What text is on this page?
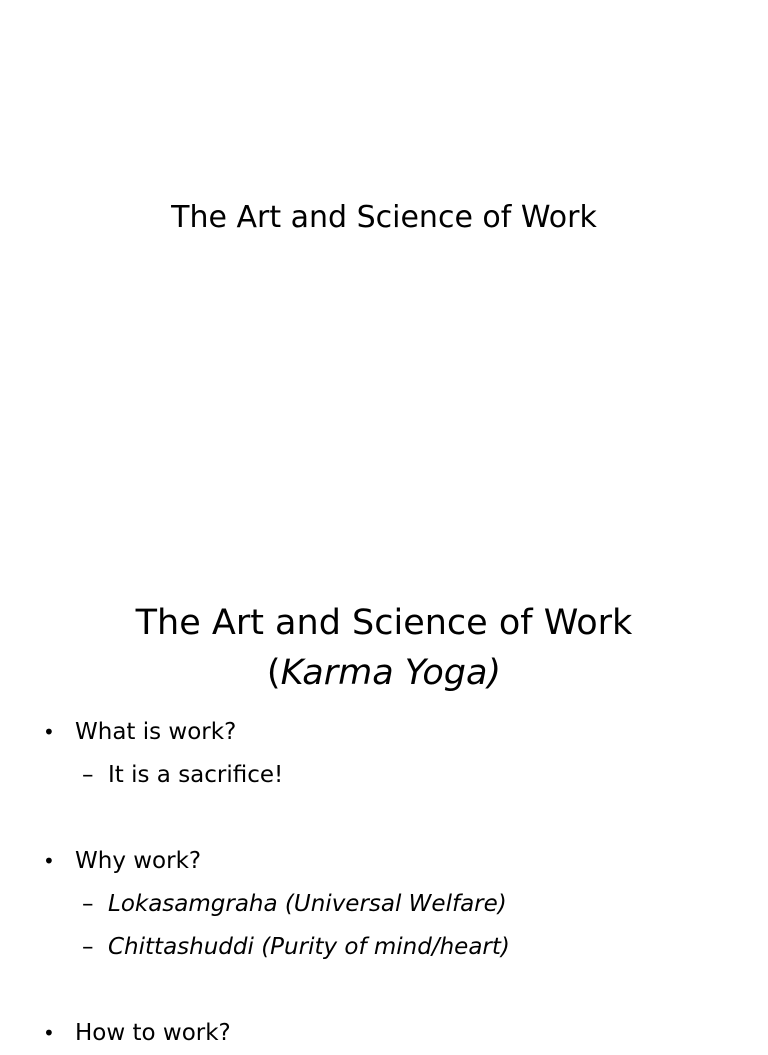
The Art and Science of Work
The Art and Science of Work
(Karma Yoga)
• What is work?
– It is a sacrifice!
• Why work?
– Lokasamgraha (Universal Welfare)
– Chittashuddi (Purity of mind/heart)
• How to work?
